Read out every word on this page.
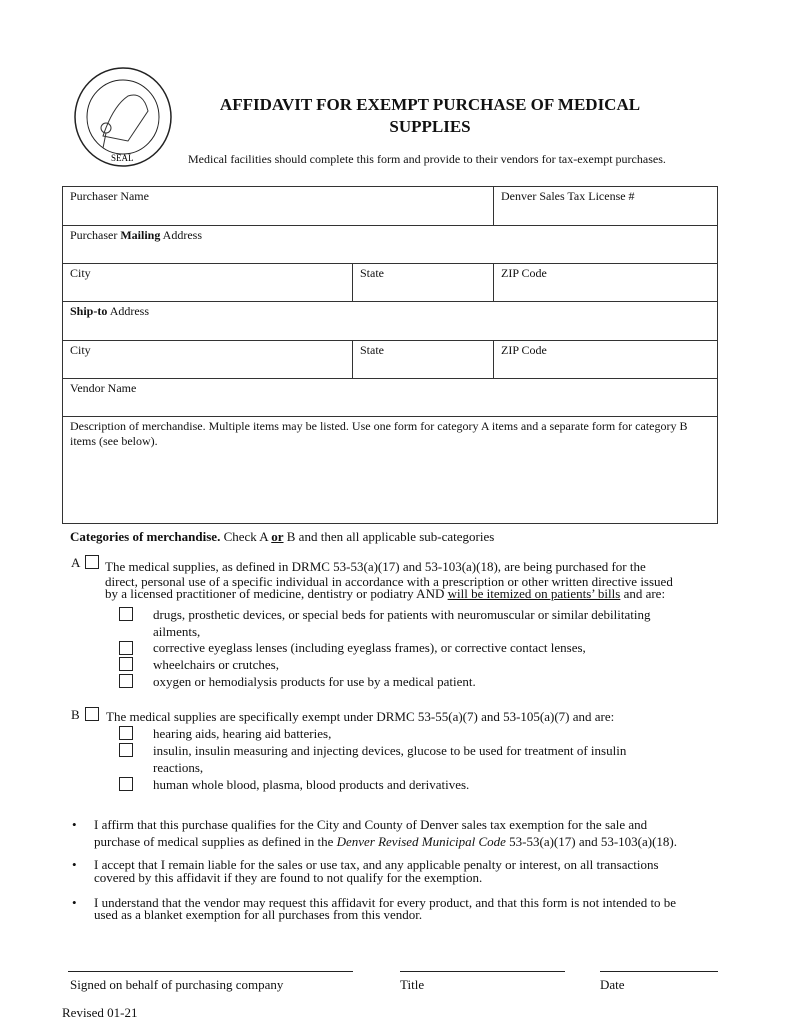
SEAL
AFFIDAVIT FOR EXEMPT PURCHASE OF MEDICAL
SUPPLIES
Medical facilities should complete this form and provide to their vendors for tax-exempt purchases.
Purchaser Name	Denver Sales Tax License #
Purchaser Mailing Address
City	State	ZIP Code
Ship-to Address
City	State	ZIP Code
Vendor Name
Description of merchandise. Multiple items may be listed. Use one form for category A items and a separate form for category B items (see below).
Categories of merchandise. Check A or B and then all applicable sub-categories
A The medical supplies, as defined in DRMC 53-53(a)(17) and 53-103(a)(18), are being purchased for the
direct, personal use of a specific individual in accordance with a prescription or other written directive issued
by a licensed practitioner of medicine, dentistry or podiatry AND will be itemized on patients’ bills and are:
drugs, prosthetic devices, or special beds for patients with neuromuscular or similar debilitating
ailments,
corrective eyeglass lenses (including eyeglass frames), or corrective contact lenses,
wheelchairs or crutches,
oxygen or hemodialysis products for use by a medical patient.
B The medical supplies are specifically exempt under DRMC 53-55(a)(7) and 53-105(a)(7) and are:
hearing aids, hearing aid batteries,
insulin, insulin measuring and injecting devices, glucose to be used for treatment of insulin
reactions,
human whole blood, plasma, blood products and derivatives.
• I affirm that this purchase qualifies for the City and County of Denver sales tax exemption for the sale and
purchase of medical supplies as defined in the Denver Revised Municipal Code 53-53(a)(17) and 53-103(a)(18).
• I accept that I remain liable for the sales or use tax, and any applicable penalty or interest, on all transactions
covered by this affidavit if they are found to not qualify for the exemption.
• I understand that the vendor may request this affidavit for every product, and that this form is not intended to be
used as a blanket exemption for all purchases from this vendor.
Signed on behalf of purchasing company	Title	Date
Revised 01-21
